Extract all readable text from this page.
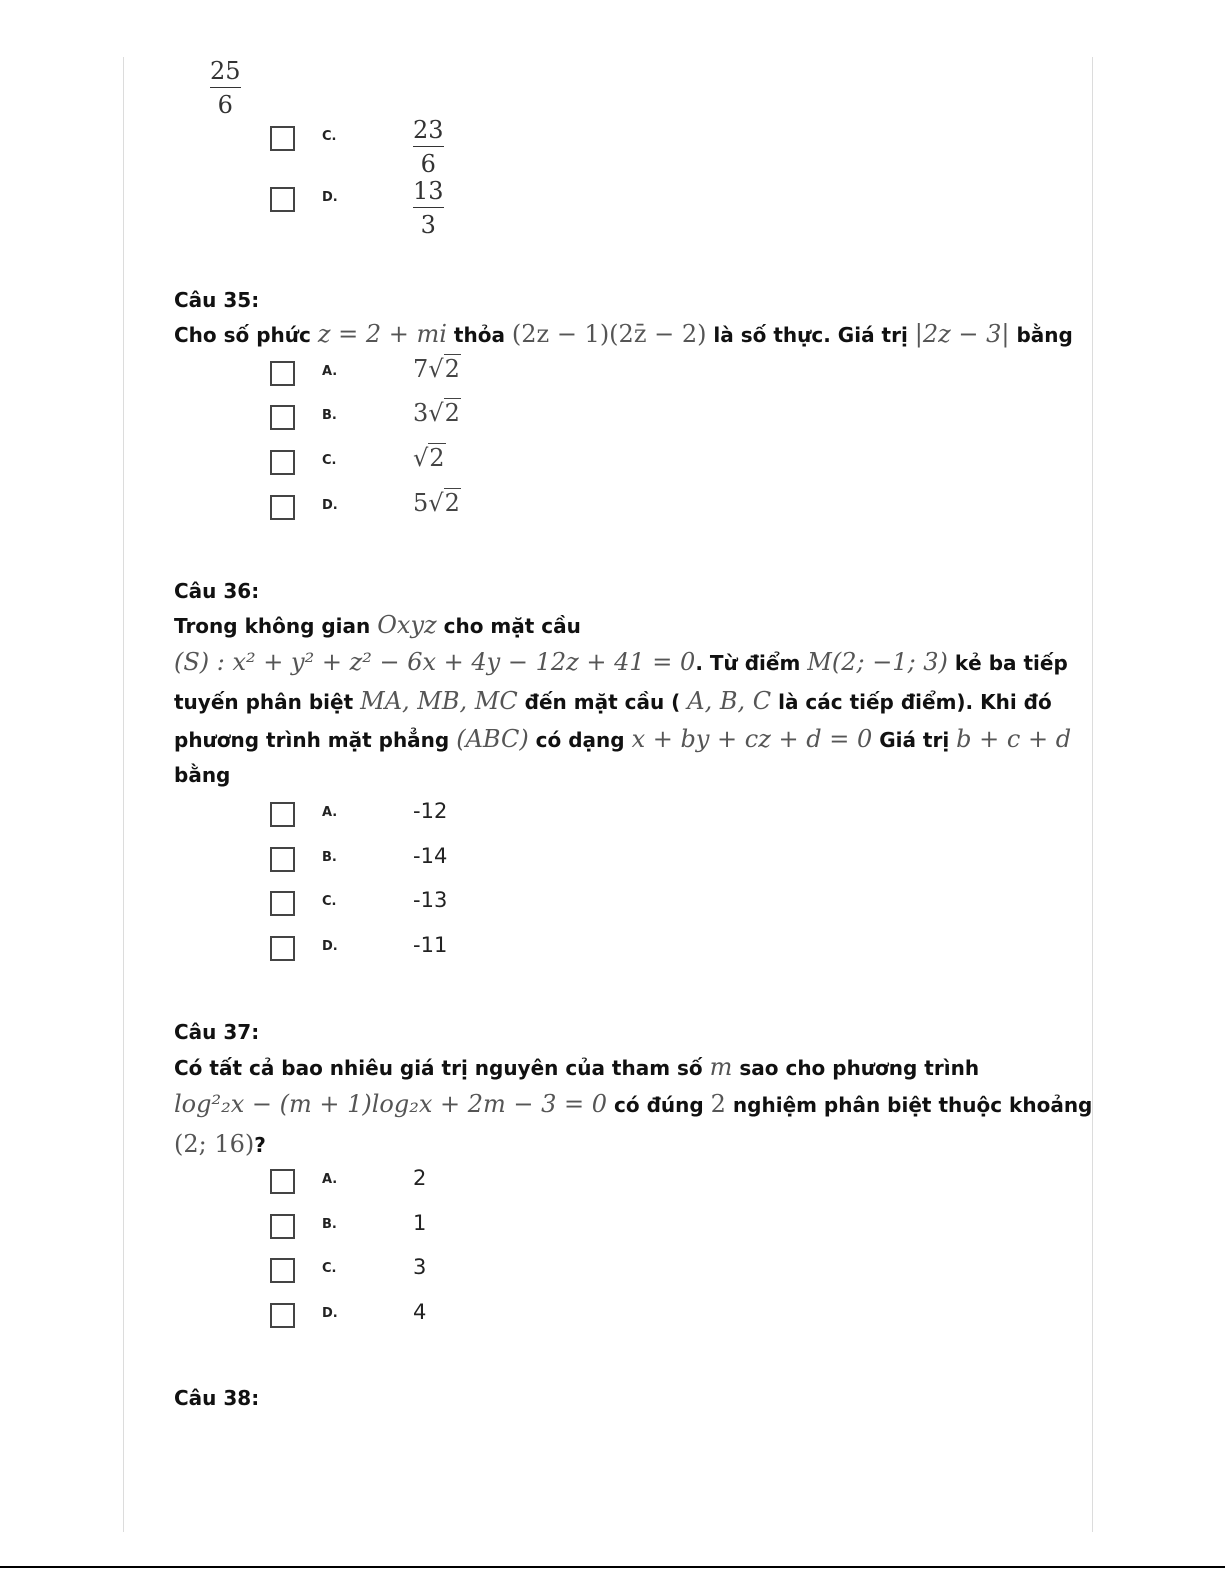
25
6
C.	23
6
D.	13
3
Câu 35:
Cho số phức z = 2 + mi thỏa (2z − 1)(2z̄ − 2) là số thực. Giá trị |2z − 3| bằng
A.	7√2
B.	3√2
C.	√2
D.	5√2
Câu 36:
Trong không gian Oxyz cho mặt cầu
(S) : x² + y² + z² − 6x + 4y − 12z + 41 = 0. Từ điểm M(2; −1; 3) kẻ ba tiếp
tuyến phân biệt MA, MB, MC đến mặt cầu ( A, B, C là các tiếp điểm). Khi đó
phương trình mặt phẳng (ABC) có dạng x + by + cz + d = 0 Giá trị b + c + d
bằng
A.	-12
B.	-14
C.	-13
D.	-11
Câu 37:
Có tất cả bao nhiêu giá trị nguyên của tham số m sao cho phương trình
log²₂x − (m + 1)log₂x + 2m − 3 = 0 có đúng 2 nghiệm phân biệt thuộc khoảng
(2; 16)?
A.	2
B.	1
C.	3
D.	4
Câu 38:
